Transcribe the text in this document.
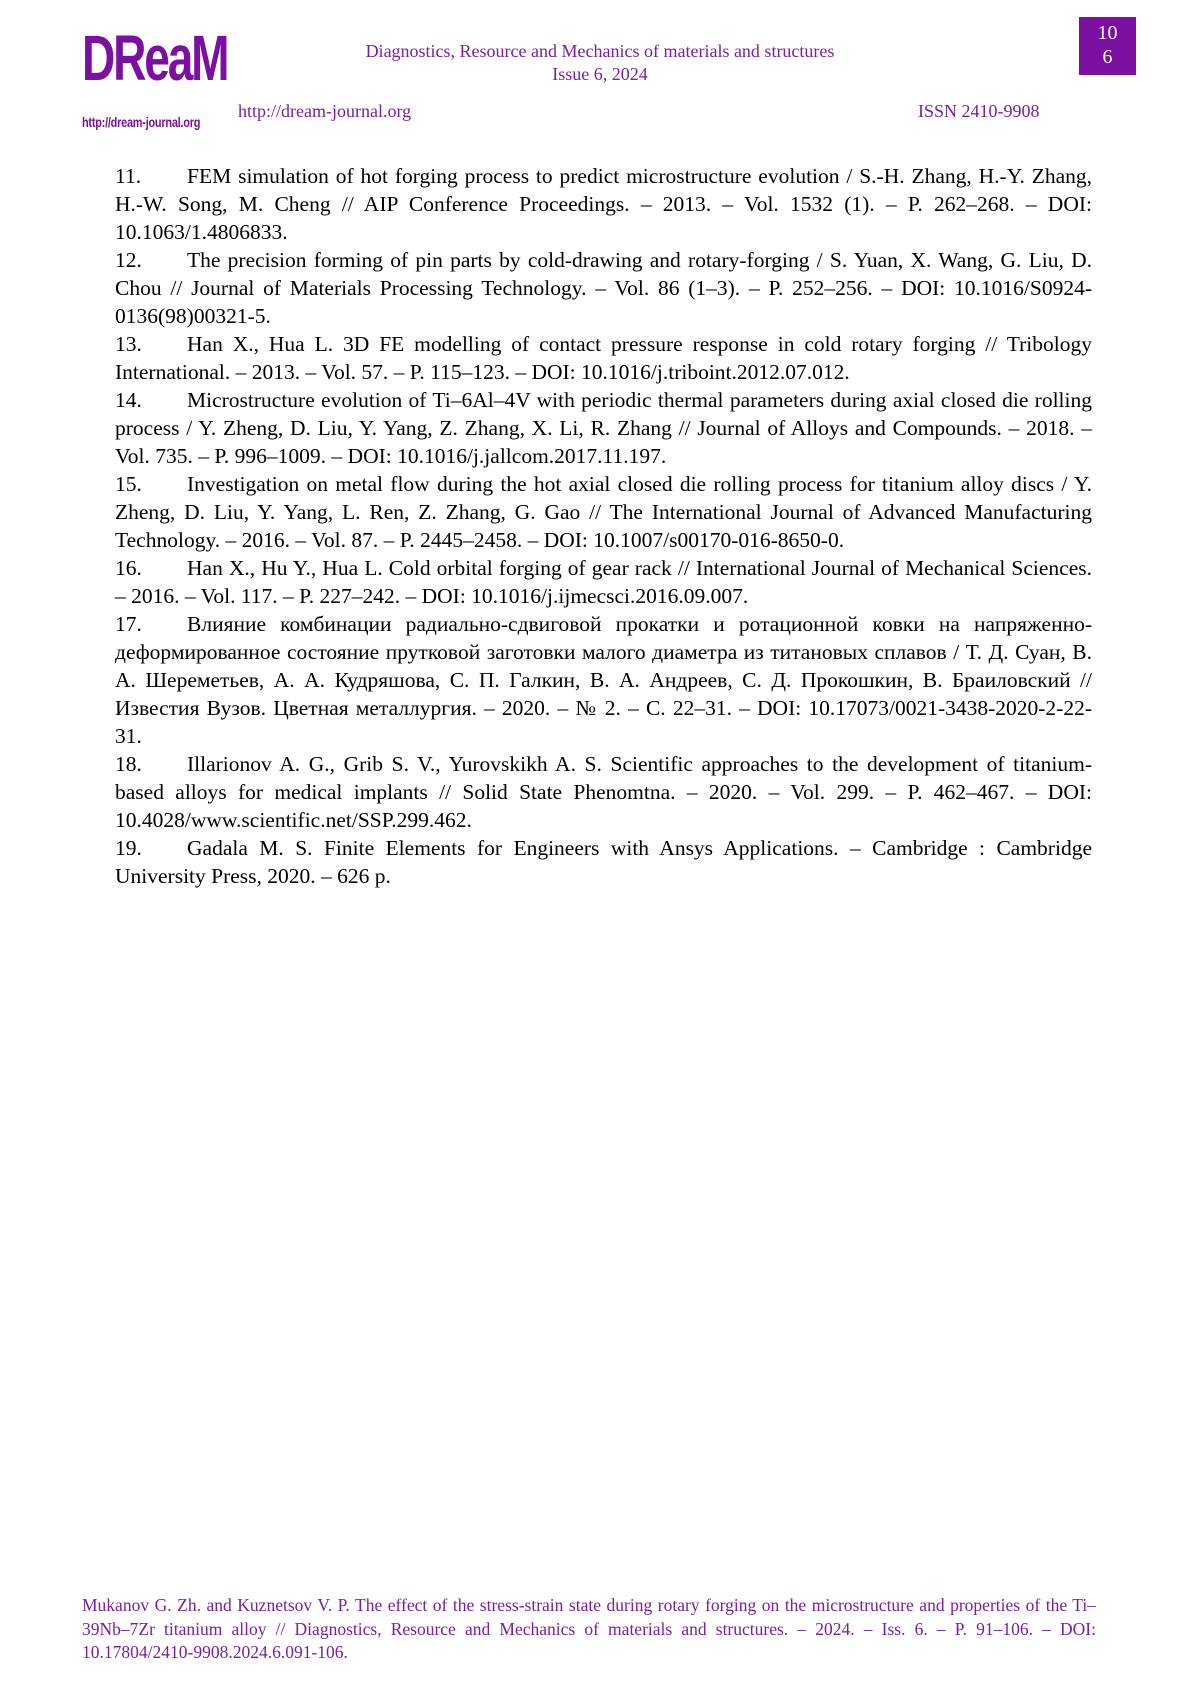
DReaM
http://dream-journal.org
Diagnostics, Resource and Mechanics of materials and structures
Issue 6, 2024
http://dream-journal.org	ISSN 2410-9908
10
6

11. FEM simulation of hot forging process to predict microstructure evolution / S.-H. Zhang, H.-Y. Zhang, H.-W. Song, M. Cheng // AIP Conference Proceedings. – 2013. – Vol. 1532 (1). – P. 262–268. – DOI: 10.1063/1.4806833.

12. The precision forming of pin parts by cold-drawing and rotary-forging / S. Yuan, X. Wang, G. Liu, D. Chou // Journal of Materials Processing Technology. – Vol. 86 (1–3). – P. 252–256. – DOI: 10.1016/S0924-0136(98)00321-5.

13. Han X., Hua L. 3D FE modelling of contact pressure response in cold rotary forging // Tribology International. – 2013. – Vol. 57. – P. 115–123. – DOI: 10.1016/j.triboint.2012.07.012.

14. Microstructure evolution of Ti–6Al–4V with periodic thermal parameters during axial closed die rolling process / Y. Zheng, D. Liu, Y. Yang, Z. Zhang, X. Li, R. Zhang // Journal of Alloys and Compounds. – 2018. – Vol. 735. – P. 996–1009. – DOI: 10.1016/j.jallcom.2017.11.197.

15. Investigation on metal flow during the hot axial closed die rolling process for titanium alloy discs / Y. Zheng, D. Liu, Y. Yang, L. Ren, Z. Zhang, G. Gao // The International Journal of Advanced Manufacturing Technology. – 2016. – Vol. 87. – P. 2445–2458. – DOI: 10.1007/s00170-016-8650-0.

16. Han X., Hu Y., Hua L. Cold orbital forging of gear rack // International Journal of Mechanical Sciences. – 2016. – Vol. 117. – P. 227–242. – DOI: 10.1016/j.ijmecsci.2016.09.007.

17. Влияние комбинации радиально-сдвиговой прокатки и ротационной ковки на напряженно-деформированное состояние прутковой заготовки малого диаметра из титановых сплавов / Т. Д. Суан, В. А. Шереметьев, А. А. Кудряшова, С. П. Галкин, В. А. Андреев, С. Д. Прокошкин, В. Браиловский // Известия Вузов. Цветная металлургия. – 2020. – № 2. – С. 22–31. – DOI: 10.17073/0021-3438-2020-2-22-31.

18. Illarionov A. G., Grib S. V., Yurovskikh A. S. Scientific approaches to the development of titanium-based alloys for medical implants // Solid State Phenomtna. – 2020. – Vol. 299. – P. 462–467. – DOI: 10.4028/www.scientific.net/SSP.299.462.

19. Gadala M. S. Finite Elements for Engineers with Ansys Applications. – Cambridge : Cambridge University Press, 2020. – 626 p.

Mukanov G. Zh. and Kuznetsov V. P. The effect of the stress-strain state during rotary forging on the microstructure and properties of the Ti–39Nb–7Zr titanium alloy // Diagnostics, Resource and Mechanics of materials and structures. – 2024. – Iss. 6. – P. 91–106. – DOI: 10.17804/2410-9908.2024.6.091-106.
